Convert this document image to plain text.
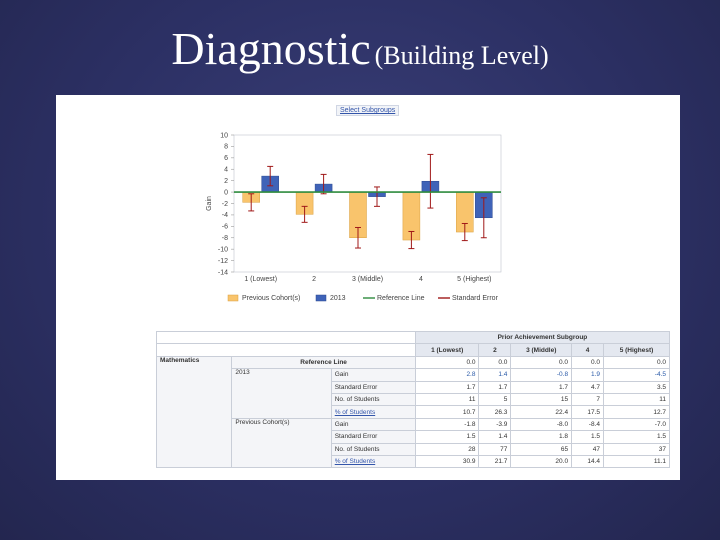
Diagnostic (Building Level)
Select Subgroups
10
8
6
4
2
0
-2
-4
-6
-8
-10
-12
-14
Gain
1 (Lowest)	2	3 (Middle)	4	5 (Highest)
Previous Cohort(s)	2013	Reference Line	Standard Error
			Prior Achievement Subgroup				
			1 (Lowest)	2	3 (Middle)	4	5 (Highest)
Mathematics	Reference Line		0.0	0.0	0.0	0.0	0.0
	2013	Gain	2.8	1.4	-0.8	1.9	-4.5
		Standard Error	1.7	1.7	1.7	4.7	3.5
		No. of Students	11	5	15	7	11
		% of Students	10.7	26.3	22.4	17.5	12.7
	Previous Cohort(s)	Gain	-1.8	-3.9	-8.0	-8.4	-7.0
		Standard Error	1.5	1.4	1.8	1.5	1.5
		No. of Students	28	77	65	47	37
		% of Students	30.9	21.7	20.0	14.4	11.1
